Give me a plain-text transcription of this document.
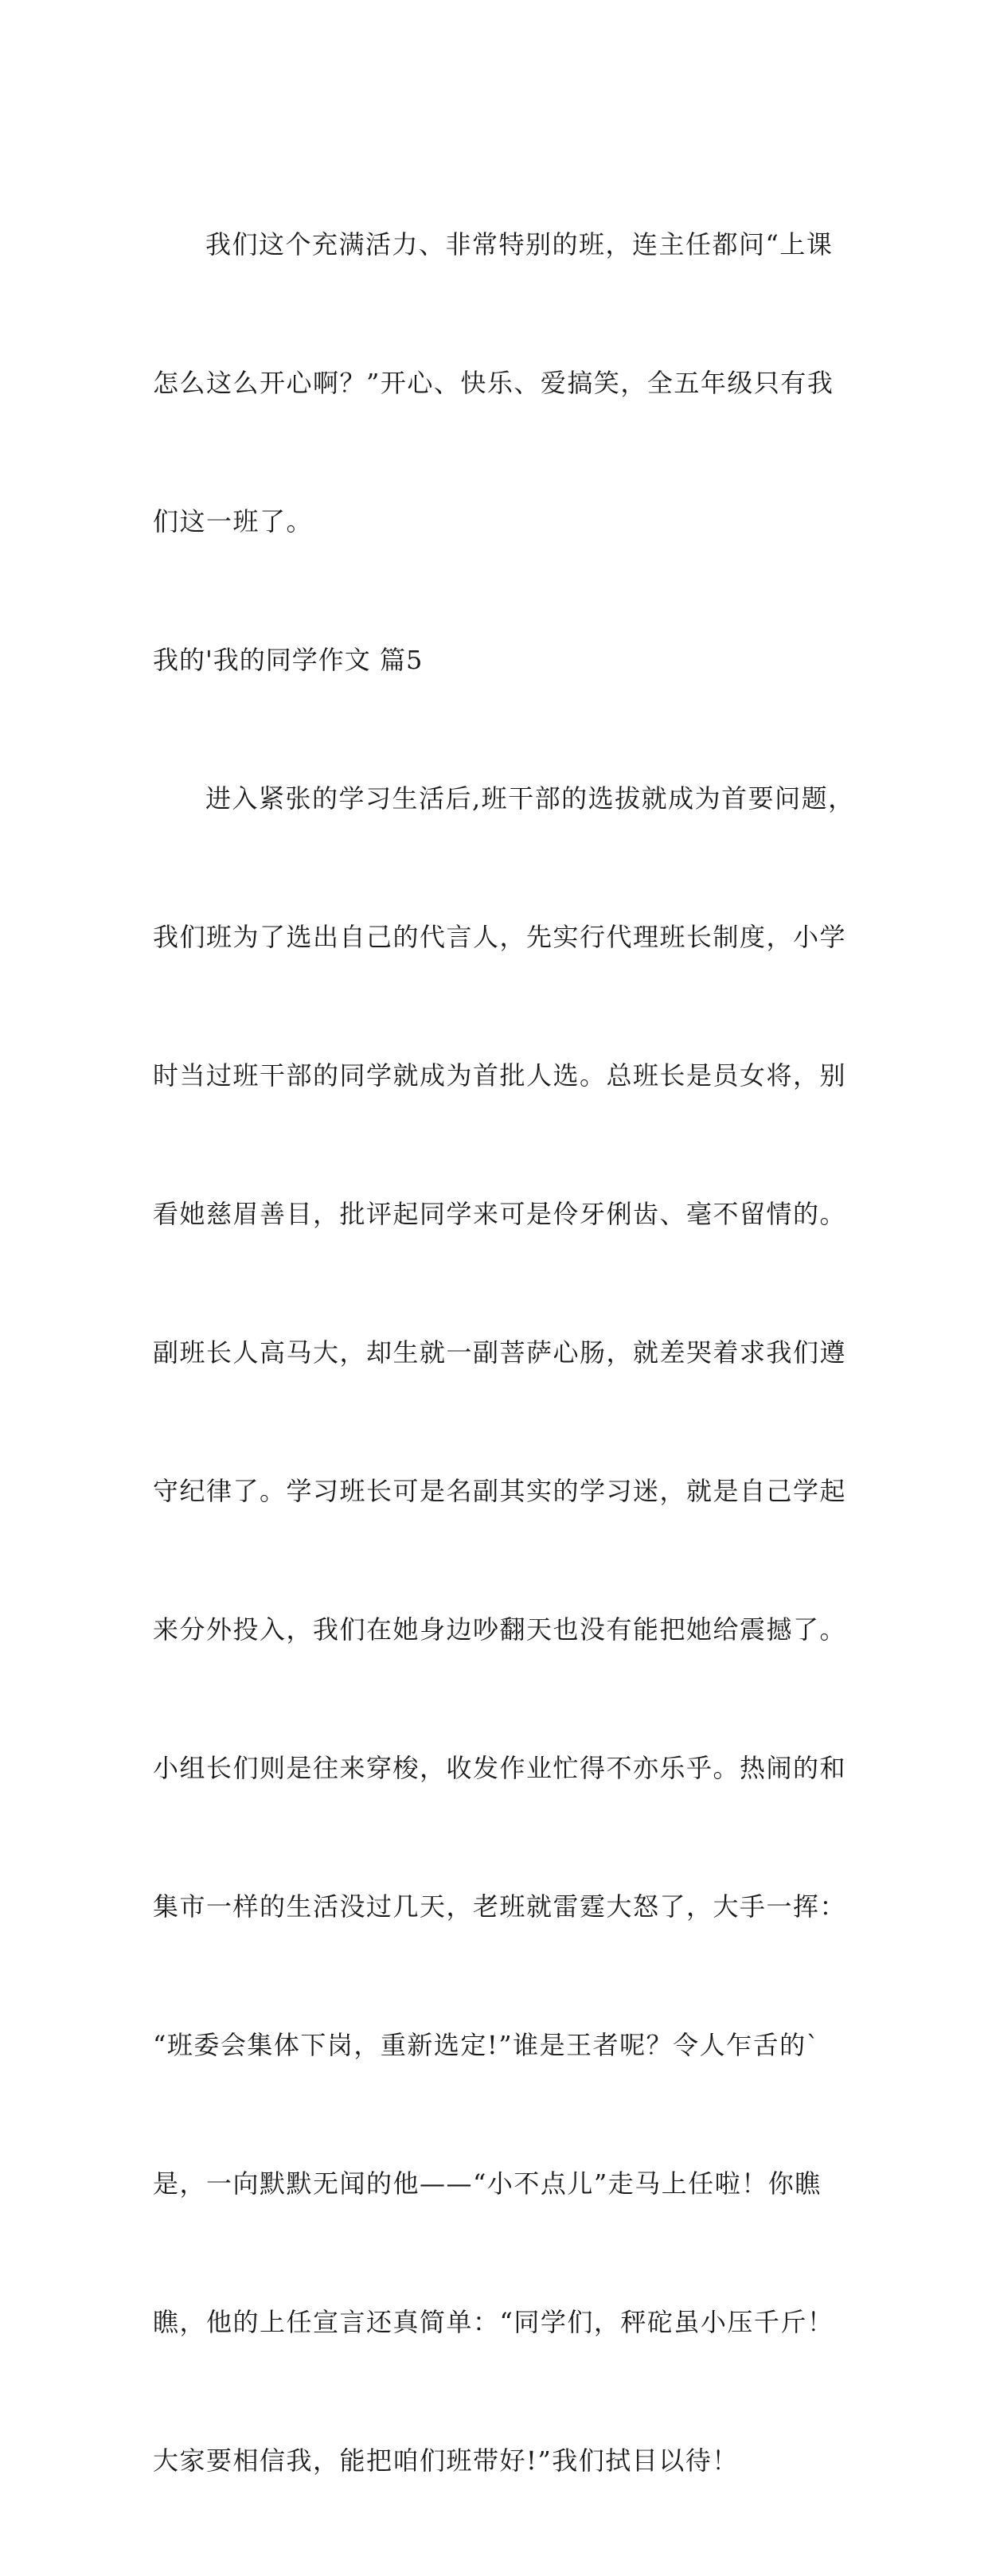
我们这个充满活力、非常特别的班，连主任都问“上课

怎么这么开心啊？”开心、快乐、爱搞笑，全五年级只有我

们这一班了。

我的'我的同学作文 篇5

进入紧张的学习生活后,班干部的选拔就成为首要问题，

我们班为了选出自己的代言人，先实行代理班长制度，小学

时当过班干部的同学就成为首批人选。总班长是员女将，别

看她慈眉善目，批评起同学来可是伶牙俐齿、毫不留情的。

副班长人高马大，却生就一副菩萨心肠，就差哭着求我们遵

守纪律了。学习班长可是名副其实的学习迷，就是自己学起

来分外投入，我们在她身边吵翻天也没有能把她给震撼了。

小组长们则是往来穿梭，收发作业忙得不亦乐乎。热闹的和

集市一样的生活没过几天，老班就雷霆大怒了，大手一挥：

“班委会集体下岗，重新选定!”谁是王者呢？令人乍舌的`

是，一向默默无闻的他——“小不点儿”走马上任啦！你瞧

瞧，他的上任宣言还真简单：“同学们，秤砣虽小压千斤！

大家要相信我，能把咱们班带好!”我们拭目以待！
